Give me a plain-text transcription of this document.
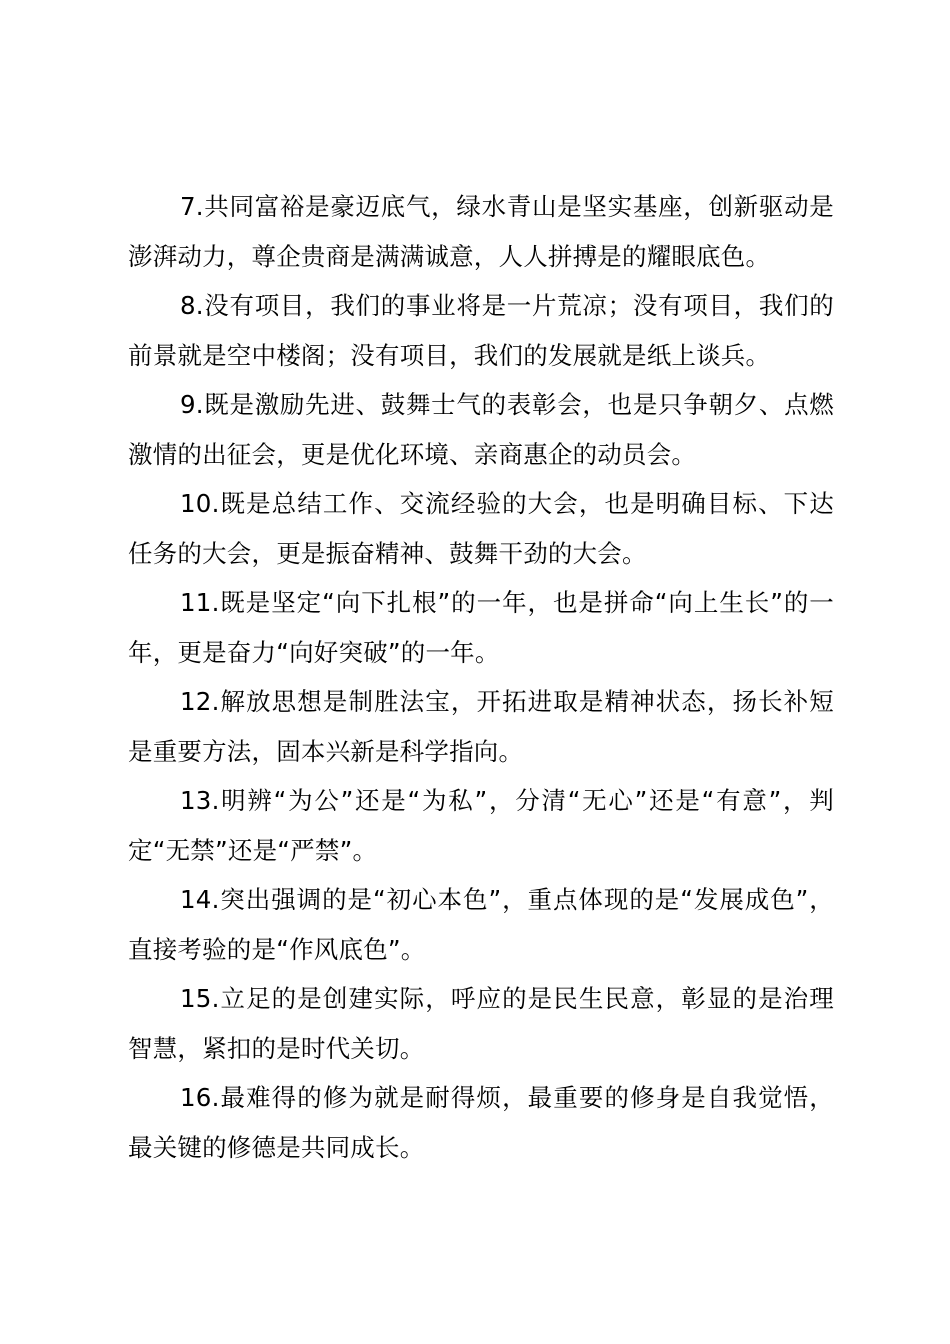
7.共同富裕是豪迈底气，绿水青山是坚实基座，创新驱动是澎湃动力，尊企贵商是满满诚意，人人拼搏是的耀眼底色。

8.没有项目，我们的事业将是一片荒凉；没有项目，我们的前景就是空中楼阁；没有项目，我们的发展就是纸上谈兵。

9.既是激励先进、鼓舞士气的表彰会，也是只争朝夕、点燃激情的出征会，更是优化环境、亲商惠企的动员会。

10.既是总结工作、交流经验的大会，也是明确目标、下达任务的大会，更是振奋精神、鼓舞干劲的大会。

11.既是坚定“向下扎根”的一年，也是拼命“向上生长”的一年，更是奋力“向好突破”的一年。

12.解放思想是制胜法宝，开拓进取是精神状态，扬长补短是重要方法，固本兴新是科学指向。

13.明辨“为公”还是“为私”，分清“无心”还是“有意”，判定“无禁”还是“严禁”。

14.突出强调的是“初心本色”，重点体现的是“发展成色”，直接考验的是“作风底色”。

15.立足的是创建实际，呼应的是民生民意，彰显的是治理智慧，紧扣的是时代关切。

16.最难得的修为就是耐得烦，最重要的修身是自我觉悟，最关键的修德是共同成长。
